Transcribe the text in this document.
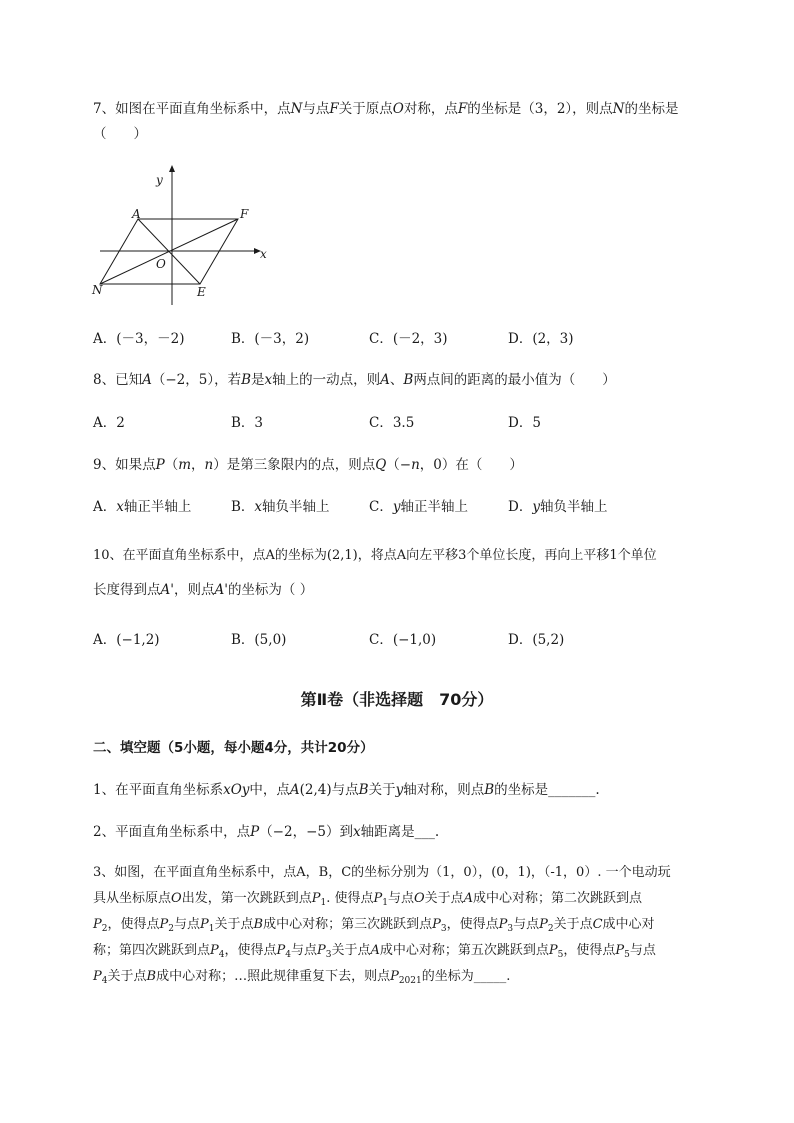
7、如图在平面直角坐标系中，点N与点F关于原点O对称，点F的坐标是（3，2），则点N的坐标是
（　　）
y
x
A	F
O
N	E
A．(－3，－2)	B．(－3，2)	C．(－2，3)	D．(2，3)
8、已知A（−2，5），若B是x轴上的一动点，则A、B两点间的距离的最小值为（　　）
A．2	B．3	C．3.5	D．5
9、如果点P（m，n）是第三象限内的点，则点Q（−n，0）在（　　）
A．x轴正半轴上	B．x轴负半轴上	C．y轴正半轴上	D．y轴负半轴上
10、在平面直角坐标系中，点A的坐标为(2,1)，将点A向左平移3个单位长度，再向上平移1个单位
长度得到点A'，则点A'的坐标为（ ）
A．(−1,2)	B．(5,0)	C．(−1,0)	D．(5,2)
第Ⅱ卷（非选择题　70分）
二、填空题（5小题，每小题4分，共计20分）
1、在平面直角坐标系xOy中，点A(2,4)与点B关于y轴对称，则点B的坐标是_______.
2、平面直角坐标系中，点P（−2，−5）到x轴距离是___.
3、如图，在平面直角坐标系中，点A，B，C的坐标分别为（1，0），(0，1)，（-1，0）. 一个电动玩
具从坐标原点O出发，第一次跳跃到点$P_1$. 使得点$P_1$与点O关于点A成中心对称；第二次跳跃到点
$P_2$，使得点$P_2$与点$P_1$关于点B成中心对称；第三次跳跃到点$P_3$，使得点$P_3$与点$P_2$关于点C成中心对
称；第四次跳跃到点$P_4$，使得点$P_4$与点$P_3$关于点A成中心对称；第五次跳跃到点$P_5$，使得点$P_5$与点
$P_4$关于点B成中心对称；…照此规律重复下去，则点$P_{2021}$的坐标为_____.
